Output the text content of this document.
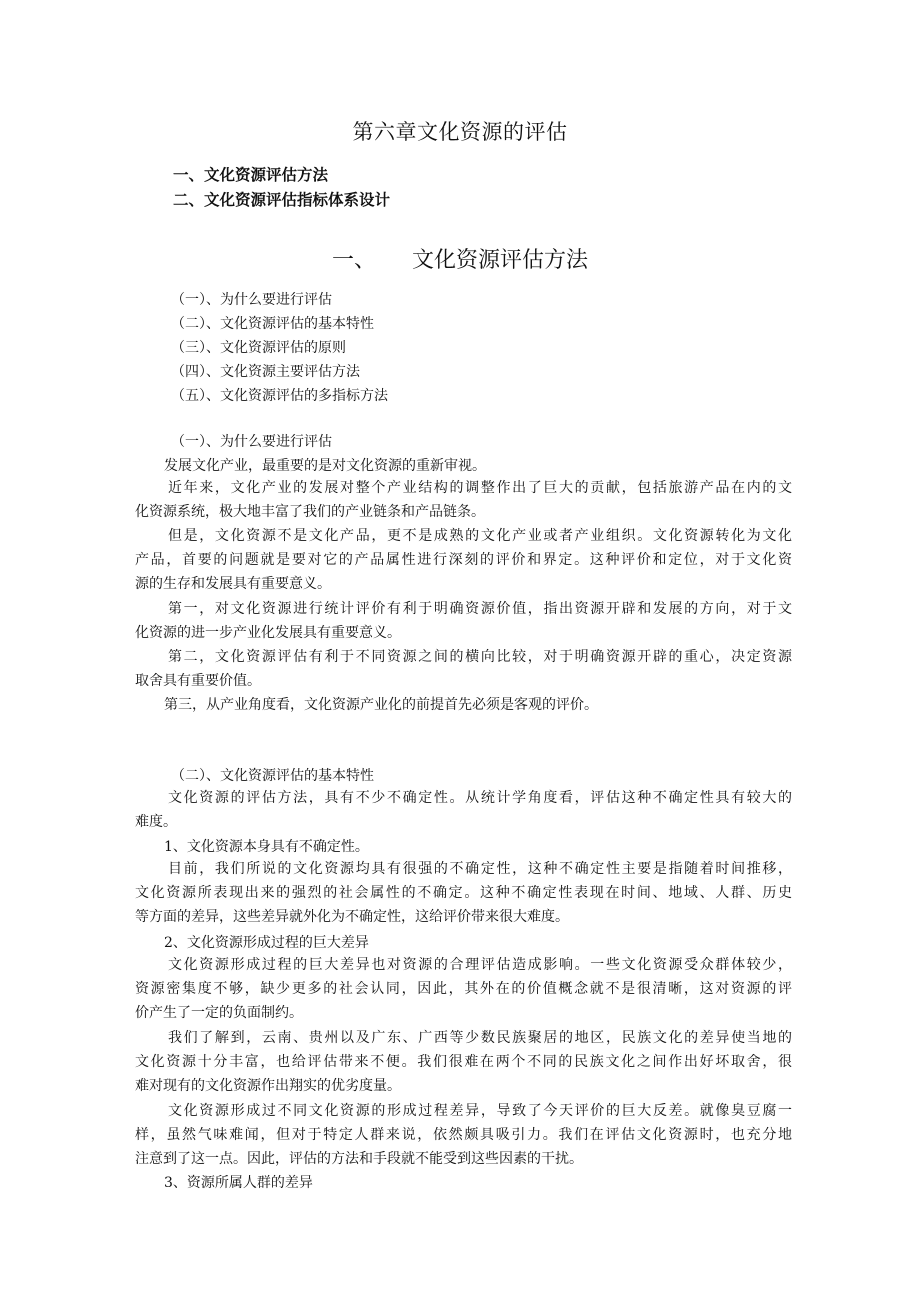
第六章文化资源的评估
一、文化资源评估方法
二、文化资源评估指标体系设计
一、 文化资源评估方法
（一）、为什么要进行评估
（二）、文化资源评估的基本特性
（三）、文化资源评估的原则
（四）、文化资源主要评估方法
（五）、文化资源评估的多指标方法
（一）、为什么要进行评估
发展文化产业，最重要的是对文化资源的重新审视。
近年来，文化产业的发展对整个产业结构的调整作出了巨大的贡献，包括旅游产品在内的文
化资源系统，极大地丰富了我们的产业链条和产品链条。
但是，文化资源不是文化产品，更不是成熟的文化产业或者产业组织。文化资源转化为文化
产品，首要的问题就是要对它的产品属性进行深刻的评价和界定。这种评价和定位，对于文化资
源的生存和发展具有重要意义。
第一，对文化资源进行统计评价有利于明确资源价值，指出资源开辟和发展的方向，对于文
化资源的进一步产业化发展具有重要意义。
第二，文化资源评估有利于不同资源之间的横向比较，对于明确资源开辟的重心，决定资源
取舍具有重要价值。
第三，从产业角度看，文化资源产业化的前提首先必须是客观的评价。
（二）、文化资源评估的基本特性
文化资源的评估方法，具有不少不确定性。从统计学角度看，评估这种不确定性具有较大的
难度。
1、文化资源本身具有不确定性。
目前，我们所说的文化资源均具有很强的不确定性，这种不确定性主要是指随着时间推移，
文化资源所表现出来的强烈的社会属性的不确定。这种不确定性表现在时间、地域、人群、历史
等方面的差异，这些差异就外化为不确定性，这给评价带来很大难度。
2、文化资源形成过程的巨大差异
文化资源形成过程的巨大差异也对资源的合理评估造成影响。一些文化资源受众群体较少，
资源密集度不够，缺少更多的社会认同，因此，其外在的价值概念就不是很清晰，这对资源的评
价产生了一定的负面制约。
我们了解到，云南、贵州以及广东、广西等少数民族聚居的地区，民族文化的差异使当地的
文化资源十分丰富，也给评估带来不便。我们很难在两个不同的民族文化之间作出好坏取舍，很
难对现有的文化资源作出翔实的优劣度量。
文化资源形成过不同文化资源的形成过程差异，导致了今天评价的巨大反差。就像臭豆腐一
样，虽然气味难闻，但对于特定人群来说，依然颇具吸引力。我们在评估文化资源时，也充分地
注意到了这一点。因此，评估的方法和手段就不能受到这些因素的干扰。
3、资源所属人群的差异
